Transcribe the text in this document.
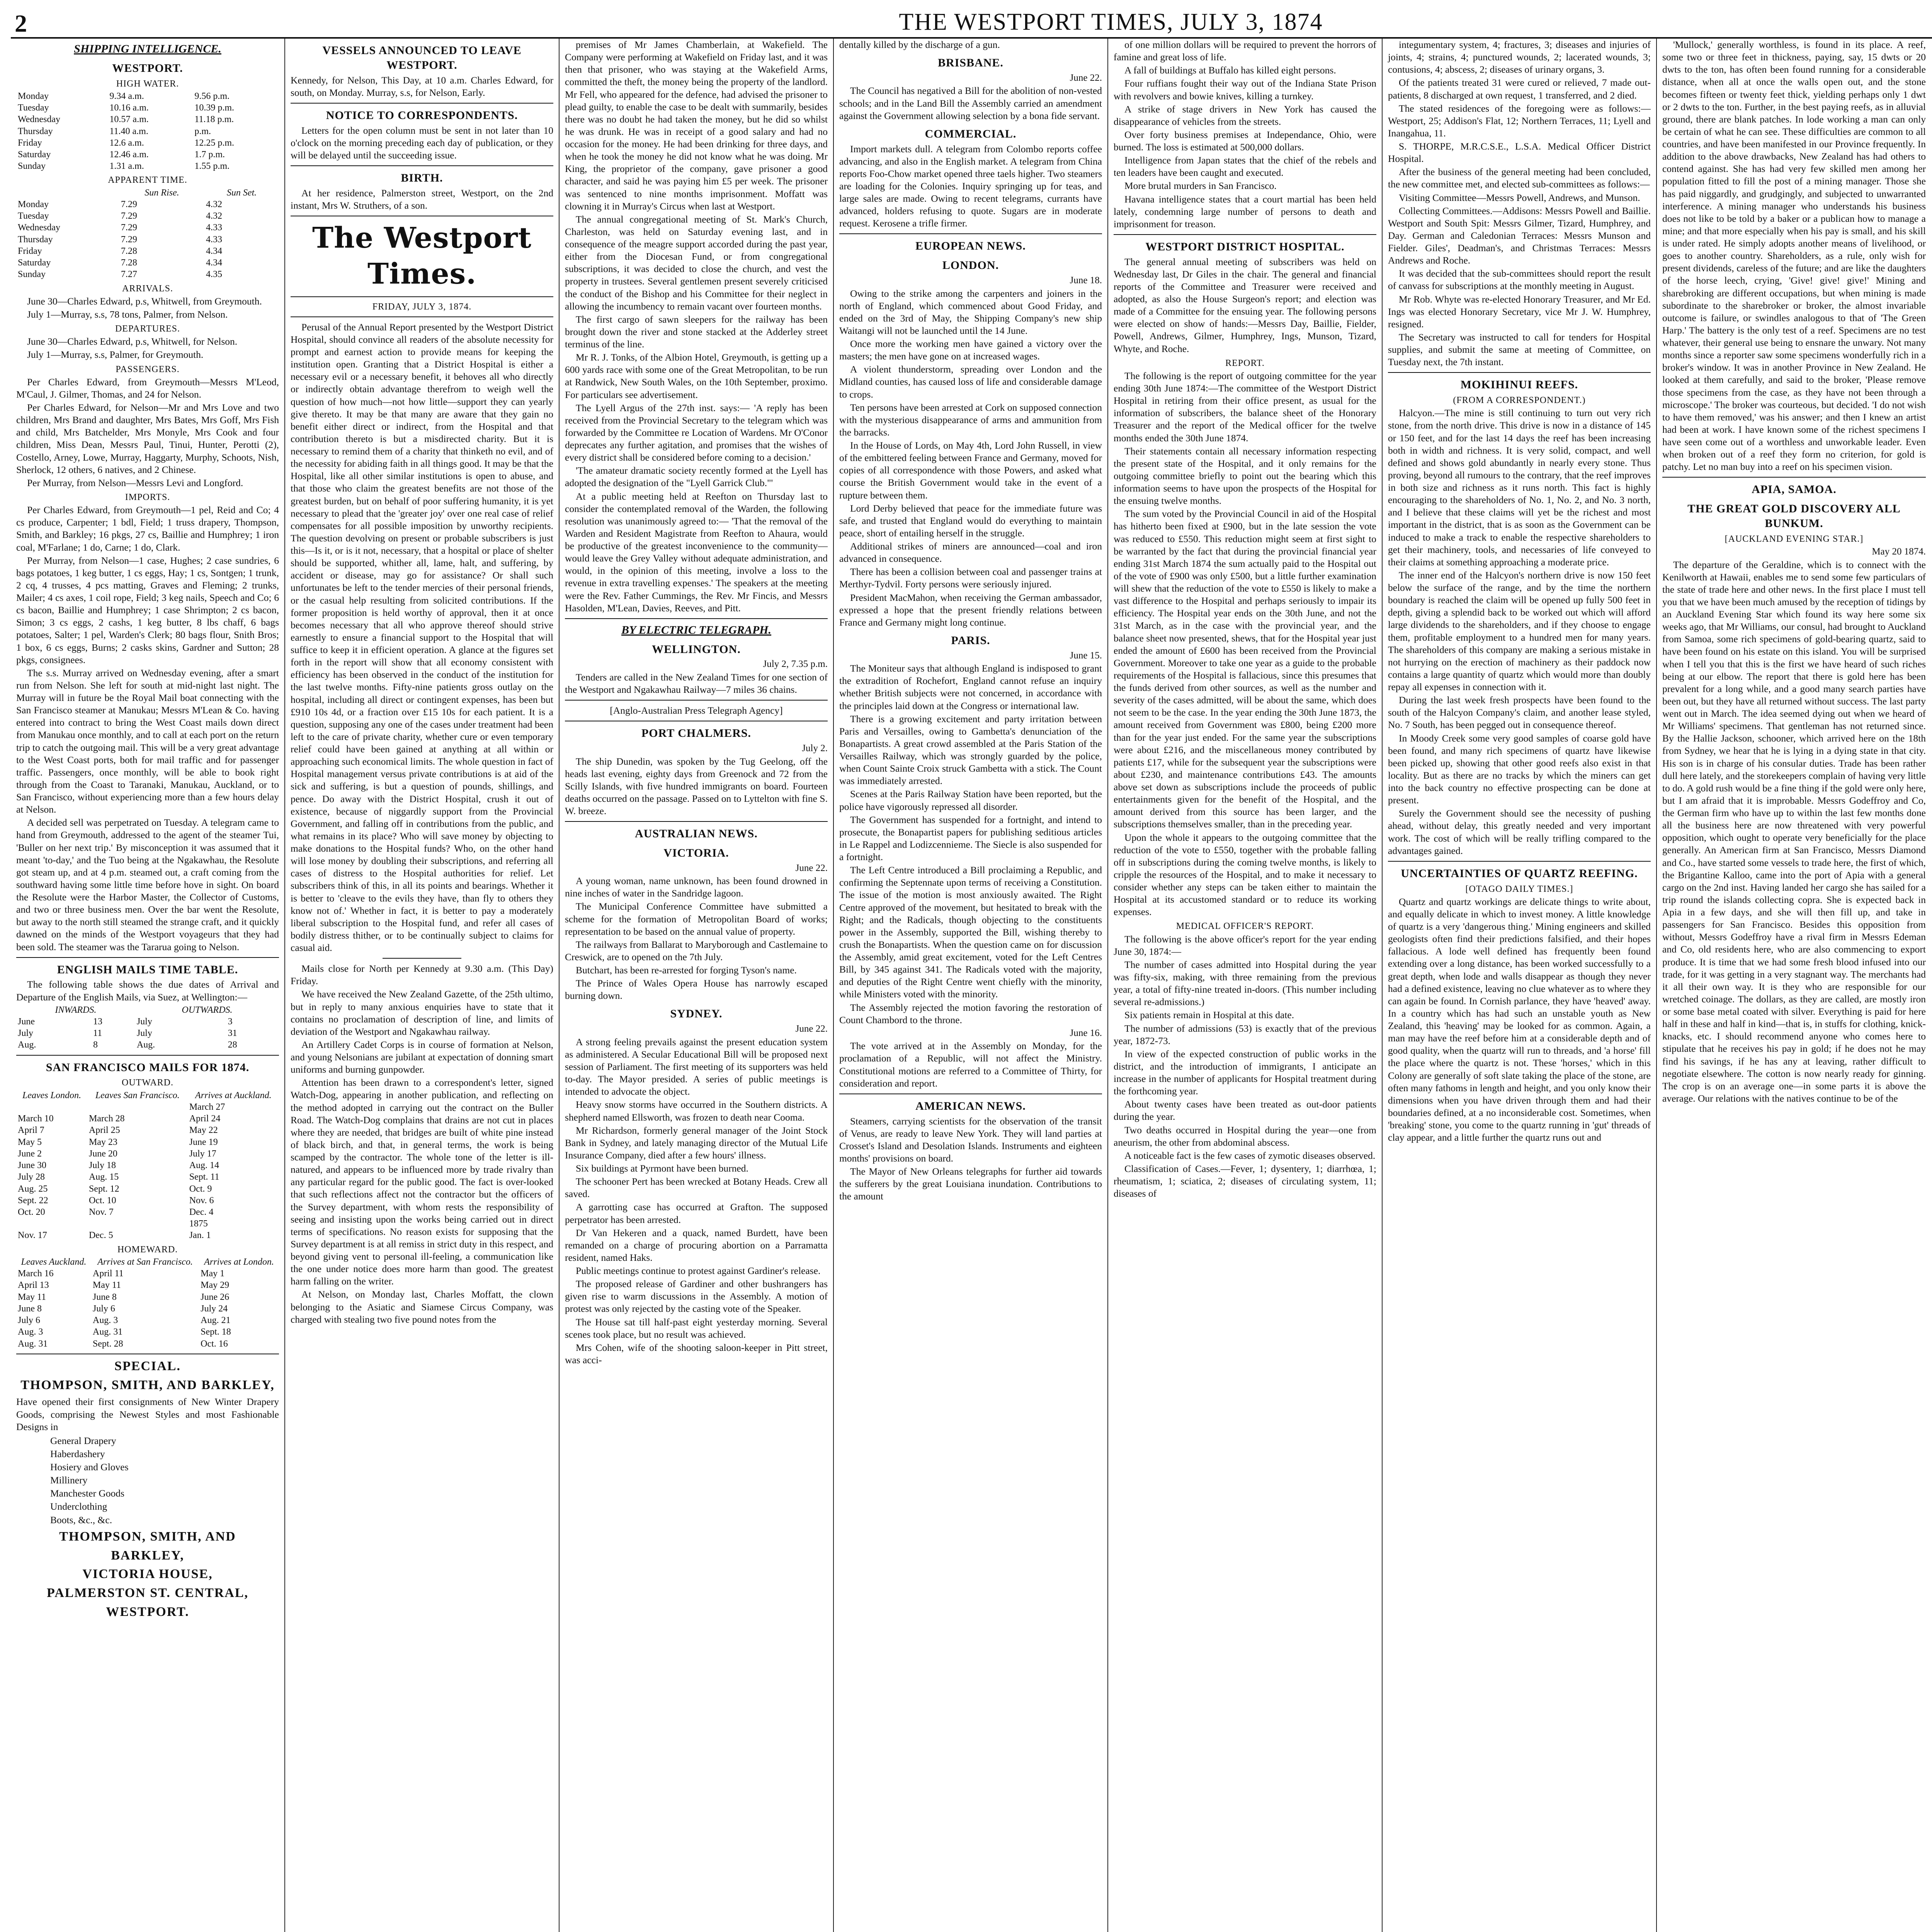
2	THE WESTPORT TIMES, JULY 3, 1874
SHIPPING INTELLIGENCE.
WESTPORT.
HIGH WATER.
Monday	9.34 a.m.	9.56 p.m.
Tuesday	10.16 a.m.	10.39 p.m.
Wednesday	10.57 a.m.	11.18 p.m.
Thursday	11.40 a.m.	p.m.
Friday	12.6 a.m.	12.25 p.m.
Saturday	12.46 a.m.	1.7 p.m.
Sunday	1.31 a.m.	1.55 p.m.
APPARENT TIME.
	Sun Rise.	Sun Set.
Monday	7.29	4.32
Tuesday	7.29	4.32
Wednesday	7.29	4.33
Thursday	7.29	4.33
Friday	7.28	4.34
Saturday	7.28	4.34
Sunday	7.27	4.35
ARRIVALS.

June 30—Charles Edward, p.s, Whitwell, from Greymouth.

July 1—Murray, s.s, 78 tons, Palmer, from Nelson.

DEPARTURES.

June 30—Charles Edward, p.s, Whitwell, for Nelson.

July 1—Murray, s.s, Palmer, for Greymouth.

PASSENGERS.

Per Charles Edward, from Greymouth—Messrs M'Leod, M'Caul, J. Gilmer, Thomas, and 24 for Nelson.

Per Charles Edward, for Nelson—Mr and Mrs Love and two children, Mrs Brand and daughter, Mrs Bates, Mrs Goff, Mrs Fish and child, Mrs Batchelder, Mrs Monyle, Mrs Cook and four children, Miss Dean, Messrs Paul, Tinui, Hunter, Perotti (2), Costello, Arney, Lowe, Murray, Haggarty, Murphy, Schoots, Nish, Sherlock, 12 others, 6 natives, and 2 Chinese.

Per Murray, from Nelson—Messrs Levi and Longford.

IMPORTS.

Per Charles Edward, from Greymouth—1 pel, Reid and Co; 4 cs produce, Carpenter; 1 bdl, Field; 1 truss drapery, Thompson, Smith, and Barkley; 16 pkgs, 27 cs, Baillie and Humphrey; 1 iron coal, M'Farlane; 1 do, Carne; 1 do, Clark.

Per Murray, from Nelson—1 case, Hughes; 2 case sundries, 6 bags potatoes, 1 keg butter, 1 cs eggs, Hay; 1 cs, Sontgen; 1 trunk, 2 cq, 4 trusses, 4 pcs matting, Graves and Fleming; 2 trunks, Mailer; 4 cs axes, 1 coil rope, Field; 3 keg nails, Speech and Co; 6 cs bacon, Baillie and Humphrey; 1 case Shrimpton; 2 cs bacon, Simon; 3 cs eggs, 2 cashs, 1 keg butter, 8 lbs chaff, 6 bags potatoes, Salter; 1 pel, Warden's Clerk; 80 bags flour, Snith Bros; 1 box, 6 cs eggs, Burns; 2 casks skins, Gardner and Sutton; 28 pkgs, consignees.

The s.s. Murray arrived on Wednesday evening, after a smart run from Nelson. She left for south at mid-night last night. The Murray will in future be the Royal Mail boat connecting with the San Francisco steamer at Manukau; Messrs M'Lean & Co. having entered into contract to bring the West Coast mails down direct from Manukau once monthly, and to call at each port on the return trip to catch the outgoing mail. This will be a very great advantage to the West Coast ports, both for mail traffic and for passenger traffic. Passengers, once monthly, will be able to book right through from the Coast to Taranaki, Manukau, Auckland, or to San Francisco, without experiencing more than a few hours delay at Nelson.

A decided sell was perpetrated on Tuesday. A telegram came to hand from Greymouth, addressed to the agent of the steamer Tui, 'Buller on her next trip.' By misconception it was assumed that it meant 'to-day,' and the Tuo being at the Ngakawhau, the Resolute got steam up, and at 4 p.m. steamed out, a craft coming from the southward having some little time before hove in sight. On board the Resolute were the Harbor Master, the Collector of Customs, and two or three business men. Over the bar went the Resolute, but away to the north still steamed the strange craft, and it quickly dawned on the minds of the Westport voyageurs that they had been sold. The steamer was the Tararua going to Nelson.

ENGLISH MAILS TIME TABLE.

The following table shows the due dates of Arrival and Departure of the English Mails, via Suez, at Wellington:—

INWARDS.		OUTWARDS.	
June	13	July	3
July	11	July	31
Aug.	8	Aug.	28
SAN FRANCISCO MAILS FOR 1874.
OUTWARD.
Leaves London.	Leaves San Francisco.	Arrives at Auckland.
		March 27
March 10	March 28	April 24
April 7	April 25	May 22
May 5	May 23	June 19
June 2	June 20	July 17
June 30	July 18	Aug. 14
July 28	Aug. 15	Sept. 11
Aug. 25	Sept. 12	Oct. 9
Sept. 22	Oct. 10	Nov. 6
Oct. 20	Nov. 7	Dec. 4
		1875
Nov. 17	Dec. 5	Jan. 1
HOMEWARD.
Leaves Auckland.	Arrives at San Francisco.	Arrives at London.
March 16	April 11	May 1
April 13	May 11	May 29
May 11	June 8	June 26
June 8	July 6	July 24
July 6	Aug. 3	Aug. 21
Aug. 3	Aug. 31	Sept. 18
Aug. 31	Sept. 28	Oct. 16
SPECIAL.
THOMPSON, SMITH, AND BARKLEY,

Have opened their first consignments of New Winter Drapery Goods, comprising the Newest Styles and most Fashionable Designs in

General Drapery

Haberdashery

Hosiery and Gloves

Millinery

Manchester Goods

Underclothing

Boots, &c., &c.

THOMPSON, SMITH, AND
BARKLEY,
VICTORIA HOUSE,
PALMERSTON ST. CENTRAL,
WESTPORT.
VESSELS ANNOUNCED TO LEAVE WESTPORT.

Kennedy, for Nelson, This Day, at 10 a.m. Charles Edward, for south, on Monday. Murray, s.s, for Nelson, Early.

NOTICE TO CORRESPONDENTS.

Letters for the open column must be sent in not later than 10 o'clock on the morning preceding each day of publication, or they will be delayed until the succeeding issue.

BIRTH.

At her residence, Palmerston street, Westport, on the 2nd instant, Mrs W. Struthers, of a son.

The Westport Times.
FRIDAY, JULY 3, 1874.

Perusal of the Annual Report presented by the Westport District Hospital, should convince all readers of the absolute necessity for prompt and earnest action to provide means for keeping the institution open. Granting that a District Hospital is either a necessary evil or a necessary benefit, it behoves all who directly or indirectly obtain advantage therefrom to weigh well the question of how much—not how little—support they can yearly give thereto. It may be that many are aware that they gain no benefit either direct or indirect, from the Hospital and that contribution thereto is but a misdirected charity. But it is necessary to remind them of a charity that thinketh no evil, and of the necessity for abiding faith in all things good. It may be that the Hospital, like all other similar institutions is open to abuse, and that those who claim the greatest benefits are not those of the greatest burden, but on behalf of poor suffering humanity, it is yet necessary to plead that the 'greater joy' over one real case of relief compensates for all possible imposition by unworthy recipients. The question devolving on present or probable subscribers is just this—Is it, or is it not, necessary, that a hospital or place of shelter should be supported, whither all, lame, halt, and suffering, by accident or disease, may go for assistance? Or shall such unfortunates be left to the tender mercies of their personal friends, or the casual help resulting from solicited contributions. If the former proposition is held worthy of approval, then it at once becomes necessary that all who approve thereof should strive earnestly to ensure a financial support to the Hospital that will suffice to keep it in efficient operation. A glance at the figures set forth in the report will show that all economy consistent with efficiency has been observed in the conduct of the institution for the last twelve months. Fifty-nine patients gross outlay on the hospital, including all direct or contingent expenses, has been but £910 10s 4d, or a fraction over £15 10s for each patient. It is a question, supposing any one of the cases under treatment had been left to the care of private charity, whether cure or even temporary relief could have been gained at anything at all within or approaching such economical limits. The whole question in fact of Hospital management versus private contributions is at aid of the sick and suffering, is but a question of pounds, shillings, and pence. Do away with the District Hospital, crush it out of existence, because of niggardly support from the Provincial Government, and falling off in contributions from the public, and what remains in its place? Who will save money by objecting to make donations to the Hospital funds? Who, on the other hand will lose money by doubling their subscriptions, and referring all cases of distress to the Hospital authorities for relief. Let subscribers think of this, in all its points and bearings. Whether it is better to 'cleave to the evils they have, than fly to others they know not of.' Whether in fact, it is better to pay a moderately liberal subscription to the Hospital fund, and refer all cases of bodily distress thither, or to be continually subject to claims for casual aid.

Mails close for North per Kennedy at 9.30 a.m. (This Day) Friday.

We have received the New Zealand Gazette, of the 25th ultimo, but in reply to many anxious enquiries have to state that it contains no proclamation of description of line, and limits of deviation of the Westport and Ngakawhau railway.

An Artillery Cadet Corps is in course of formation at Nelson, and young Nelsonians are jubilant at expectation of donning smart uniforms and burning gunpowder.

Attention has been drawn to a correspondent's letter, signed Watch-Dog, appearing in another publication, and reflecting on the method adopted in carrying out the contract on the Buller Road. The Watch-Dog complains that drains are not cut in places where they are needed, that bridges are built of white pine instead of black birch, and that, in general terms, the work is being scamped by the contractor. The whole tone of the letter is ill-natured, and appears to be influenced more by trade rivalry than any particular regard for the public good. The fact is over-looked that such reflections affect not the contractor but the officers of the Survey department, with whom rests the responsibility of seeing and insisting upon the works being carried out in direct terms of specifications. No reason exists for supposing that the Survey department is at all remiss in strict duty in this respect, and beyond giving vent to personal ill-feeling, a communication like the one under notice does more harm than good. The greatest harm falling on the writer.

At Nelson, on Monday last, Charles Moffatt, the clown belonging to the Asiatic and Siamese Circus Company, was charged with stealing two five pound notes from the

premises of Mr James Chamberlain, at Wakefield. The Company were performing at Wakefield on Friday last, and it was then that prisoner, who was staying at the Wakefield Arms, committed the theft, the money being the property of the landlord. Mr Fell, who appeared for the defence, had advised the prisoner to plead guilty, to enable the case to be dealt with summarily, besides there was no doubt he had taken the money, but he did so whilst he was drunk. He was in receipt of a good salary and had no occasion for the money. He had been drinking for three days, and when he took the money he did not know what he was doing. Mr King, the proprietor of the company, gave prisoner a good character, and said he was paying him £5 per week. The prisoner was sentenced to nine months imprisonment. Moffatt was clowning it in Murray's Circus when last at Westport.

The annual congregational meeting of St. Mark's Church, Charleston, was held on Saturday evening last, and in consequence of the meagre support accorded during the past year, either from the Diocesan Fund, or from congregational subscriptions, it was decided to close the church, and vest the property in trustees. Several gentlemen present severely criticised the conduct of the Bishop and his Committee for their neglect in allowing the incumbency to remain vacant over fourteen months.

The first cargo of sawn sleepers for the railway has been brought down the river and stone stacked at the Adderley street terminus of the line.

Mr R. J. Tonks, of the Albion Hotel, Greymouth, is getting up a 600 yards race with some one of the Great Metropolitan, to be run at Randwick, New South Wales, on the 10th September, proximo. For particulars see advertisement.

The Lyell Argus of the 27th inst. says:— 'A reply has been received from the Provincial Secretary to the telegram which was forwarded by the Committee re Location of Wardens. Mr O'Conor deprecates any further agitation, and promises that the wishes of every district shall be considered before coming to a decision.'

'The amateur dramatic society recently formed at the Lyell has adopted the designation of the "Lyell Garrick Club."'

At a public meeting held at Reefton on Thursday last to consider the contemplated removal of the Warden, the following resolution was unanimously agreed to:— 'That the removal of the Warden and Resident Magistrate from Reefton to Ahaura, would be productive of the greatest inconvenience to the community—would leave the Grey Valley without adequate administration, and would, in the opinion of this meeting, involve a loss to the revenue in extra travelling expenses.' The speakers at the meeting were the Rev. Father Cummings, the Rev. Mr Fincis, and Messrs Hasolden, M'Lean, Davies, Reeves, and Pitt.

BY ELECTRIC TELEGRAPH.
WELLINGTON.
July 2, 7.35 p.m.

Tenders are called in the New Zealand Times for one section of the Westport and Ngakawhau Railway—7 miles 36 chains.

[Anglo-Australian Press Telegraph Agency]

PORT CHALMERS.
July 2.

The ship Dunedin, was spoken by the Tug Geelong, off the heads last evening, eighty days from Greenock and 72 from the Scilly Islands, with five hundred immigrants on board. Fourteen deaths occurred on the passage. Passed on to Lyttelton with fine S. W. breeze.

AUSTRALIAN NEWS.
VICTORIA.
June 22.

A young woman, name unknown, has been found drowned in nine inches of water in the Sandridge lagoon.

The Municipal Conference Committee have submitted a scheme for the formation of Metropolitan Board of works; representation to be based on the annual value of property.

The railways from Ballarat to Maryborough and Castlemaine to Creswick, are to opened on the 7th July.

Butchart, has been re-arrested for forging Tyson's name.

The Prince of Wales Opera House has narrowly escaped burning down.

SYDNEY.
June 22.

A strong feeling prevails against the present education system as administered. A Secular Educational Bill will be proposed next session of Parliament. The first meeting of its supporters was held to-day. The Mayor presided. A series of public meetings is intended to advocate the object.

Heavy snow storms have occurred in the Southern districts. A shepherd named Ellsworth, was frozen to death near Cooma.

Mr Richardson, formerly general manager of the Joint Stock Bank in Sydney, and lately managing director of the Mutual Life Insurance Company, died after a few hours' illness.

Six buildings at Pyrmont have been burned.

The schooner Pert has been wrecked at Botany Heads. Crew all saved.

A garrotting case has occurred at Grafton. The supposed perpetrator has been arrested.

Dr Van Hekeren and a quack, named Burdett, have been remanded on a charge of procuring abortion on a Parramatta resident, named Haks.

Public meetings continue to protest against Gardiner's release.

The proposed release of Gardiner and other bushrangers has given rise to warm discussions in the Assembly. A motion of protest was only rejected by the casting vote of the Speaker.

The House sat till half-past eight yesterday morning. Several scenes took place, but no result was achieved.

Mrs Cohen, wife of the shooting saloon-keeper in Pitt street, was acci-

dentally killed by the discharge of a gun.

BRISBANE.
June 22.

The Council has negatived a Bill for the abolition of non-vested schools; and in the Land Bill the Assembly carried an amendment against the Government allowing selection by a bona fide servant.

COMMERCIAL.

Import markets dull. A telegram from Colombo reports coffee advancing, and also in the English market. A telegram from China reports Foo-Chow market opened three taels higher. Two steamers are loading for the Colonies. Inquiry springing up for teas, and large sales are made. Owing to recent telegrams, currants have advanced, holders refusing to quote. Sugars are in moderate request. Kerosene a trifle firmer.

EUROPEAN NEWS.
LONDON.
June 18.

Owing to the strike among the carpenters and joiners in the north of England, which commenced about Good Friday, and ended on the 3rd of May, the Shipping Company's new ship Waitangi will not be launched until the 14 June.

Once more the working men have gained a victory over the masters; the men have gone on at increased wages.

A violent thunderstorm, spreading over London and the Midland counties, has caused loss of life and considerable damage to crops.

Ten persons have been arrested at Cork on supposed connection with the mysterious disappearance of arms and ammunition from the barracks.

In the House of Lords, on May 4th, Lord John Russell, in view of the embittered feeling between France and Germany, moved for copies of all correspondence with those Powers, and asked what course the British Government would take in the event of a rupture between them.

Lord Derby believed that peace for the immediate future was safe, and trusted that England would do everything to maintain peace, short of entailing herself in the struggle.

Additional strikes of miners are announced—coal and iron advanced in consequence.

There has been a collision between coal and passenger trains at Merthyr-Tydvil. Forty persons were seriously injured.

President MacMahon, when receiving the German ambassador, expressed a hope that the present friendly relations between France and Germany might long continue.

PARIS.
June 15.

The Moniteur says that although England is indisposed to grant the extradition of Rochefort, England cannot refuse an inquiry whether British subjects were not concerned, in accordance with the principles laid down at the Congress or international law.

There is a growing excitement and party irritation between Paris and Versailles, owing to Gambetta's denunciation of the Bonapartists. A great crowd assembled at the Paris Station of the Versailles Railway, which was strongly guarded by the police, when Count Sainte Croix struck Gambetta with a stick. The Count was immediately arrested.

Scenes at the Paris Railway Station have been reported, but the police have vigorously repressed all disorder.

The Government has suspended for a fortnight, and intend to prosecute, the Bonapartist papers for publishing seditious articles in Le Rappel and Lodizcennieme. The Siecle is also suspended for a fortnight.

The Left Centre introduced a Bill proclaiming a Republic, and confirming the Septennate upon terms of receiving a Constitution. The issue of the motion is most anxiously awaited. The Right Centre approved of the movement, but hesitated to break with the Right; and the Radicals, though objecting to the constituents power in the Assembly, supported the Bill, wishing thereby to crush the Bonapartists. When the question came on for discussion the Assembly, amid great excitement, voted for the Left Centres Bill, by 345 against 341. The Radicals voted with the majority, and deputies of the Right Centre went chiefly with the minority, while Ministers voted with the minority.

The Assembly rejected the motion favoring the restoration of Count Chambord to the throne.

June 16.

The vote arrived at in the Assembly on Monday, for the proclamation of a Republic, will not affect the Ministry. Constitutional motions are referred to a Committee of Thirty, for consideration and report.

AMERICAN NEWS.

Steamers, carrying scientists for the observation of the transit of Venus, are ready to leave New York. They will land parties at Crosset's Island and Desolation Islands. Instruments and eighteen months' provisions on board.

The Mayor of New Orleans telegraphs for further aid towards the sufferers by the great Louisiana inundation. Contributions to the amount

of one million dollars will be required to prevent the horrors of famine and great loss of life.

A fall of buildings at Buffalo has killed eight persons.

Four ruffians fought their way out of the Indiana State Prison with revolvers and bowie knives, killing a turnkey.

A strike of stage drivers in New York has caused the disappearance of vehicles from the streets.

Over forty business premises at Independance, Ohio, were burned. The loss is estimated at 500,000 dollars.

Intelligence from Japan states that the chief of the rebels and ten leaders have been caught and executed.

More brutal murders in San Francisco.

Havana intelligence states that a court martial has been held lately, condemning large number of persons to death and imprisonment for treason.

WESTPORT DISTRICT HOSPITAL.

The general annual meeting of subscribers was held on Wednesday last, Dr Giles in the chair. The general and financial reports of the Committee and Treasurer were received and adopted, as also the House Surgeon's report; and election was made of a Committee for the ensuing year. The following persons were elected on show of hands:—Messrs Day, Baillie, Fielder, Powell, Andrews, Gilmer, Humphrey, Ings, Munson, Tizard, Whyte, and Roche.

REPORT.

The following is the report of outgoing committee for the year ending 30th June 1874:—The committee of the Westport District Hospital in retiring from their office present, as usual for the information of subscribers, the balance sheet of the Honorary Treasurer and the report of the Medical officer for the twelve months ended the 30th June 1874.

Their statements contain all necessary information respecting the present state of the Hospital, and it only remains for the outgoing committee briefly to point out the bearing which this information seems to have upon the prospects of the Hospital for the ensuing twelve months.

The sum voted by the Provincial Council in aid of the Hospital has hitherto been fixed at £900, but in the late session the vote was reduced to £550. This reduction might seem at first sight to be warranted by the fact that during the provincial financial year ending 31st March 1874 the sum actually paid to the Hospital out of the vote of £900 was only £500, but a little further examination will shew that the reduction of the vote to £550 is likely to make a vast difference to the Hospital and perhaps seriously to impair its efficiency. The Hospital year ends on the 30th June, and not the 31st March, as in the case with the provincial year, and the balance sheet now presented, shews, that for the Hospital year just ended the amount of £600 has been received from the Provincial Government. Moreover to take one year as a guide to the probable requirements of the Hospital is fallacious, since this presumes that the funds derived from other sources, as well as the number and severity of the cases admitted, will be about the same, which does not seem to be the case. In the year ending the 30th June 1873, the amount received from Government was £800, being £200 more than for the year just ended. For the same year the subscriptions were about £216, and the miscellaneous money contributed by patients £17, while for the subsequent year the subscriptions were about £230, and maintenance contributions £43. The amounts above set down as subscriptions include the proceeds of public entertainments given for the benefit of the Hospital, and the amount derived from this source has been larger, and the subscriptions themselves smaller, than in the preceding year.

Upon the whole it appears to the outgoing committee that the reduction of the vote to £550, together with the probable falling off in subscriptions during the coming twelve months, is likely to cripple the resources of the Hospital, and to make it necessary to consider whether any steps can be taken either to maintain the Hospital at its accustomed standard or to reduce its working expenses.

MEDICAL OFFICER'S REPORT.

The following is the above officer's report for the year ending June 30, 1874:—

The number of cases admitted into Hospital during the year was fifty-six, making, with three remaining from the previous year, a total of fifty-nine treated in-doors. (This number including several re-admissions.)

Six patients remain in Hospital at this date.

The number of admissions (53) is exactly that of the previous year, 1872-73.

In view of the expected construction of public works in the district, and the introduction of immigrants, I anticipate an increase in the number of applicants for Hospital treatment during the forthcoming year.

About twenty cases have been treated as out-door patients during the year.

Two deaths occurred in Hospital during the year—one from aneurism, the other from abdominal abscess.

A noticeable fact is the few cases of zymotic diseases observed.

Classification of Cases.—Fever, 1; dysentery, 1; diarrhœa, 1; rheumatism, 1; sciatica, 2; diseases of circulating system, 11; diseases of

integumentary system, 4; fractures, 3; diseases and injuries of joints, 4; strains, 4; punctured wounds, 2; lacerated wounds, 3; contusions, 4; abscess, 2; diseases of urinary organs, 3.

Of the patients treated 31 were cured or relieved, 7 made out-patients, 8 discharged at own request, 1 transferred, and 2 died.

The stated residences of the foregoing were as follows:—Westport, 25; Addison's Flat, 12; Northern Terraces, 11; Lyell and Inangahua, 11.

S. THORPE, M.R.C.S.E., L.S.A. Medical Officer District Hospital.

After the business of the general meeting had been concluded, the new committee met, and elected sub-committees as follows:—

Visiting Committee—Messrs Powell, Andrews, and Munson.

Collecting Committees.—Addisons: Messrs Powell and Baillie. Westport and South Spit: Messrs Gilmer, Tizard, Humphrey, and Day. German and Caledonian Terraces: Messrs Munson and Fielder. Giles', Deadman's, and Christmas Terraces: Messrs Andrews and Roche.

It was decided that the sub-committees should report the result of canvass for subscriptions at the monthly meeting in August.

Mr Rob. Whyte was re-elected Honorary Treasurer, and Mr Ed. Ings was elected Honorary Secretary, vice Mr J. W. Humphrey, resigned.

The Secretary was instructed to call for tenders for Hospital supplies, and submit the same at meeting of Committee, on Tuesday next, the 7th instant.

MOKIHINUI REEFS.
(FROM A CORRESPONDENT.)

Halcyon.—The mine is still continuing to turn out very rich stone, from the north drive. This drive is now in a distance of 145 or 150 feet, and for the last 14 days the reef has been increasing both in width and richness. It is very solid, compact, and well defined and shows gold abundantly in nearly every stone. Thus proving, beyond all rumours to the contrary, that the reef improves in both size and richness as it runs north. This fact is highly encouraging to the shareholders of No. 1, No. 2, and No. 3 north, and I believe that these claims will yet be the richest and most important in the district, that is as soon as the Government can be induced to make a track to enable the respective shareholders to get their machinery, tools, and necessaries of life conveyed to their claims at something approaching a moderate price.

The inner end of the Halcyon's northern drive is now 150 feet below the surface of the range, and by the time the northern boundary is reached the claim will be opened up fully 500 feet in depth, giving a splendid back to be worked out which will afford large dividends to the shareholders, and if they choose to engage them, profitable employment to a hundred men for many years. The shareholders of this company are making a serious mistake in not hurrying on the erection of machinery as their paddock now contains a large quantity of quartz which would more than doubly repay all expenses in connection with it.

During the last week fresh prospects have been found to the south of the Halcyon Company's claim, and another lease styled, No. 7 South, has been pegged out in consequence thereof.

In Moody Creek some very good samples of coarse gold have been found, and many rich specimens of quartz have likewise been picked up, showing that other good reefs also exist in that locality. But as there are no tracks by which the miners can get into the back country no effective prospecting can be done at present.

Surely the Government should see the necessity of pushing ahead, without delay, this greatly needed and very important work. The cost of which will be really trifling compared to the advantages gained.

UNCERTAINTIES OF QUARTZ REEFING.
[OTAGO DAILY TIMES.]

Quartz and quartz workings are delicate things to write about, and equally delicate in which to invest money. A little knowledge of quartz is a very 'dangerous thing.' Mining engineers and skilled geologists often find their predictions falsified, and their hopes fallacious. A lode well defined has frequently been found extending over a long distance, has been worked successfully to a great depth, when lode and walls disappear as though they never had a defined existence, leaving no clue whatever as to where they can again be found. In Cornish parlance, they have 'heaved' away. In a country which has had such an unstable youth as New Zealand, this 'heaving' may be looked for as common. Again, a man may have the reef before him at a considerable depth and of good quality, when the quartz will run to threads, and 'a horse' fill the place where the quartz is not. These 'horses,' which in this Colony are generally of soft slate taking the place of the stone, are often many fathoms in length and height, and you only know their dimensions when you have driven through them and had their boundaries defined, at a no inconsiderable cost. Sometimes, when 'breaking' stone, you come to the quartz running in 'gut' threads of clay appear, and a little further the quartz runs out and

'Mullock,' generally worthless, is found in its place. A reef, some two or three feet in thickness, paying, say, 15 dwts or 20 dwts to the ton, has often been found running for a considerable distance, when all at once the walls open out, and the stone becomes fifteen or twenty feet thick, yielding perhaps only 1 dwt or 2 dwts to the ton. Further, in the best paying reefs, as in alluvial ground, there are blank patches. In lode working a man can only be certain of what he can see. These difficulties are common to all countries, and have been manifested in our Province frequently. In addition to the above drawbacks, New Zealand has had others to contend against. She has had very few skilled men among her population fitted to fill the post of a mining manager. Those she has paid niggardly, and grudgingly, and subjected to unwarranted interference. A mining manager who understands his business does not like to be told by a baker or a publican how to manage a mine; and that more especially when his pay is small, and his skill is under rated. He simply adopts another means of livelihood, or goes to another country. Shareholders, as a rule, only wish for present dividends, careless of the future; and are like the daughters of the horse leech, crying, 'Give! give! give!' Mining and sharebroking are different occupations, but when mining is made subordinate to the sharebroker or broker, the almost invariable outcome is failure, or swindles analogous to that of 'The Green Harp.' The battery is the only test of a reef. Specimens are no test whatever, their general use being to ensnare the unwary. Not many months since a reporter saw some specimens wonderfully rich in a broker's window. It was in another Province in New Zealand. He looked at them carefully, and said to the broker, 'Please remove those specimens from the case, as they have not been through a microscope.' The broker was courteous, but decided. 'I do not wish to have them removed,' was his answer; and then I knew an artist had been at work. I have known some of the richest specimens I have seen come out of a worthless and unworkable leader. Even when broken out of a reef they form no criterion, for gold is patchy. Let no man buy into a reef on his specimen vision.

APIA, SAMOA.
THE GREAT GOLD DISCOVERY ALL BUNKUM.
[AUCKLAND EVENING STAR.]
May 20 1874.

The departure of the Geraldine, which is to connect with the Kenilworth at Hawaii, enables me to send some few particulars of the state of trade here and other news. In the first place I must tell you that we have been much amused by the reception of tidings by an Auckland Evening Star which found its way here some six weeks ago, that Mr Williams, our consul, had brought to Auckland from Samoa, some rich specimens of gold-bearing quartz, said to have been found on his estate on this island. You will be surprised when I tell you that this is the first we have heard of such riches being at our elbow. The report that there is gold here has been prevalent for a long while, and a good many search parties have been out, but they have all returned without success. The last party went out in March. The idea seemed dying out when we heard of Mr Williams' specimens. That gentleman has not returned since. By the Hallie Jackson, schooner, which arrived here on the 18th from Sydney, we hear that he is lying in a dying state in that city. His son is in charge of his consular duties. Trade has been rather dull here lately, and the storekeepers complain of having very little to do. A gold rush would be a fine thing if the gold were only here, but I am afraid that it is improbable. Messrs Godeffroy and Co, the German firm who have up to within the last few months done all the business here are now threatened with very powerful opposition, which ought to operate very beneficially for the place generally. An American firm at San Francisco, Messrs Diamond and Co., have started some vessels to trade here, the first of which, the Brigantine Kalloo, came into the port of Apia with a general cargo on the 2nd inst. Having landed her cargo she has sailed for a trip round the islands collecting copra. She is expected back in Apia in a few days, and she will then fill up, and take in passengers for San Francisco. Besides this opposition from without, Messrs Godeffroy have a rival firm in Messrs Edeman and Co, old residents here, who are also commencing to export produce. It is time that we had some fresh blood infused into our trade, for it was getting in a very stagnant way. The merchants had it all their own way. It is they who are responsible for our wretched coinage. The dollars, as they are called, are mostly iron or some base metal coated with silver. Everything is paid for here half in these and half in kind—that is, in stuffs for clothing, knick-knacks, etc. I should recommend anyone who comes here to stipulate that he receives his pay in gold; if he does not he may find his savings, if he has any at leaving, rather difficult to negotiate elsewhere. The cotton is now nearly ready for ginning. The crop is on an average one—in some parts it is above the average. Our relations with the natives continue to be of the
